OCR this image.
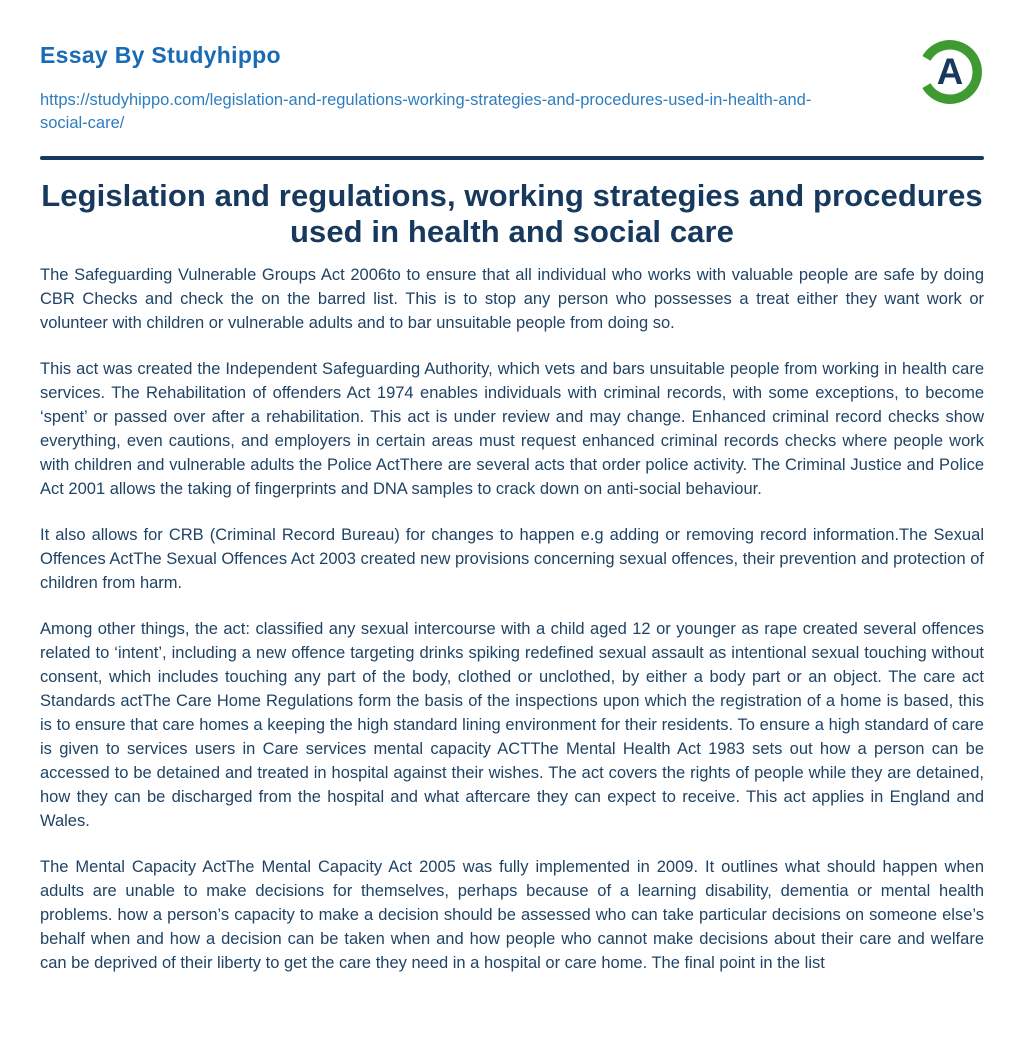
Essay By Studyhippo
https://studyhippo.com/legislation-and-regulations-working-strategies-and-procedures-used-in-health-and-social-care/
A
Legislation and regulations, working strategies and procedures used in health and social care

The Safeguarding Vulnerable Groups Act 2006to to ensure that all individual who works with valuable people are safe by doing CBR Checks and check the on the barred list. This is to stop any person who possesses a treat either they want work or volunteer with children or vulnerable adults and to bar unsuitable people from doing so.

This act was created the Independent Safeguarding Authority, which vets and bars unsuitable people from working in health care services. The Rehabilitation of offenders Act 1974 enables individuals with criminal records, with some exceptions, to become ‘spent’ or passed over after a rehabilitation. This act is under review and may change. Enhanced criminal record checks show everything, even cautions, and employers in certain areas must request enhanced criminal records checks where people work with children and vulnerable adults the Police ActThere are several acts that order police activity. The Criminal Justice and Police Act 2001 allows the taking of fingerprints and DNA samples to crack down on anti-social behaviour.

It also allows for CRB (Criminal Record Bureau) for changes to happen e.g adding or removing record information.The Sexual Offences ActThe Sexual Offences Act 2003 created new provisions concerning sexual offences, their prevention and protection of children from harm.

Among other things, the act: classified any sexual intercourse with a child aged 12 or younger as rape created several offences related to ‘intent’, including a new offence targeting drinks spiking redefined sexual assault as intentional sexual touching without consent, which includes touching any part of the body, clothed or unclothed, by either a body part or an object. The care act Standards actThe Care Home Regulations form the basis of the inspections upon which the registration of a home is based, this is to ensure that care homes a keeping the high standard lining environment for their residents. To ensure a high standard of care is given to services users in Care services mental capacity ACTThe Mental Health Act 1983 sets out how a person can be accessed to be detained and treated in hospital against their wishes. The act covers the rights of people while they are detained, how they can be discharged from the hospital and what aftercare they can expect to receive. This act applies in England and Wales.

The Mental Capacity ActThe Mental Capacity Act 2005 was fully implemented in 2009. It outlines what should happen when adults are unable to make decisions for themselves, perhaps because of a learning disability, dementia or mental health problems. how a person’s capacity to make a decision should be assessed who can take particular decisions on someone else’s behalf when and how a decision can be taken when and how people who cannot make decisions about their care and welfare can be deprived of their liberty to get the care they need in a hospital or care home. The final point in the list
